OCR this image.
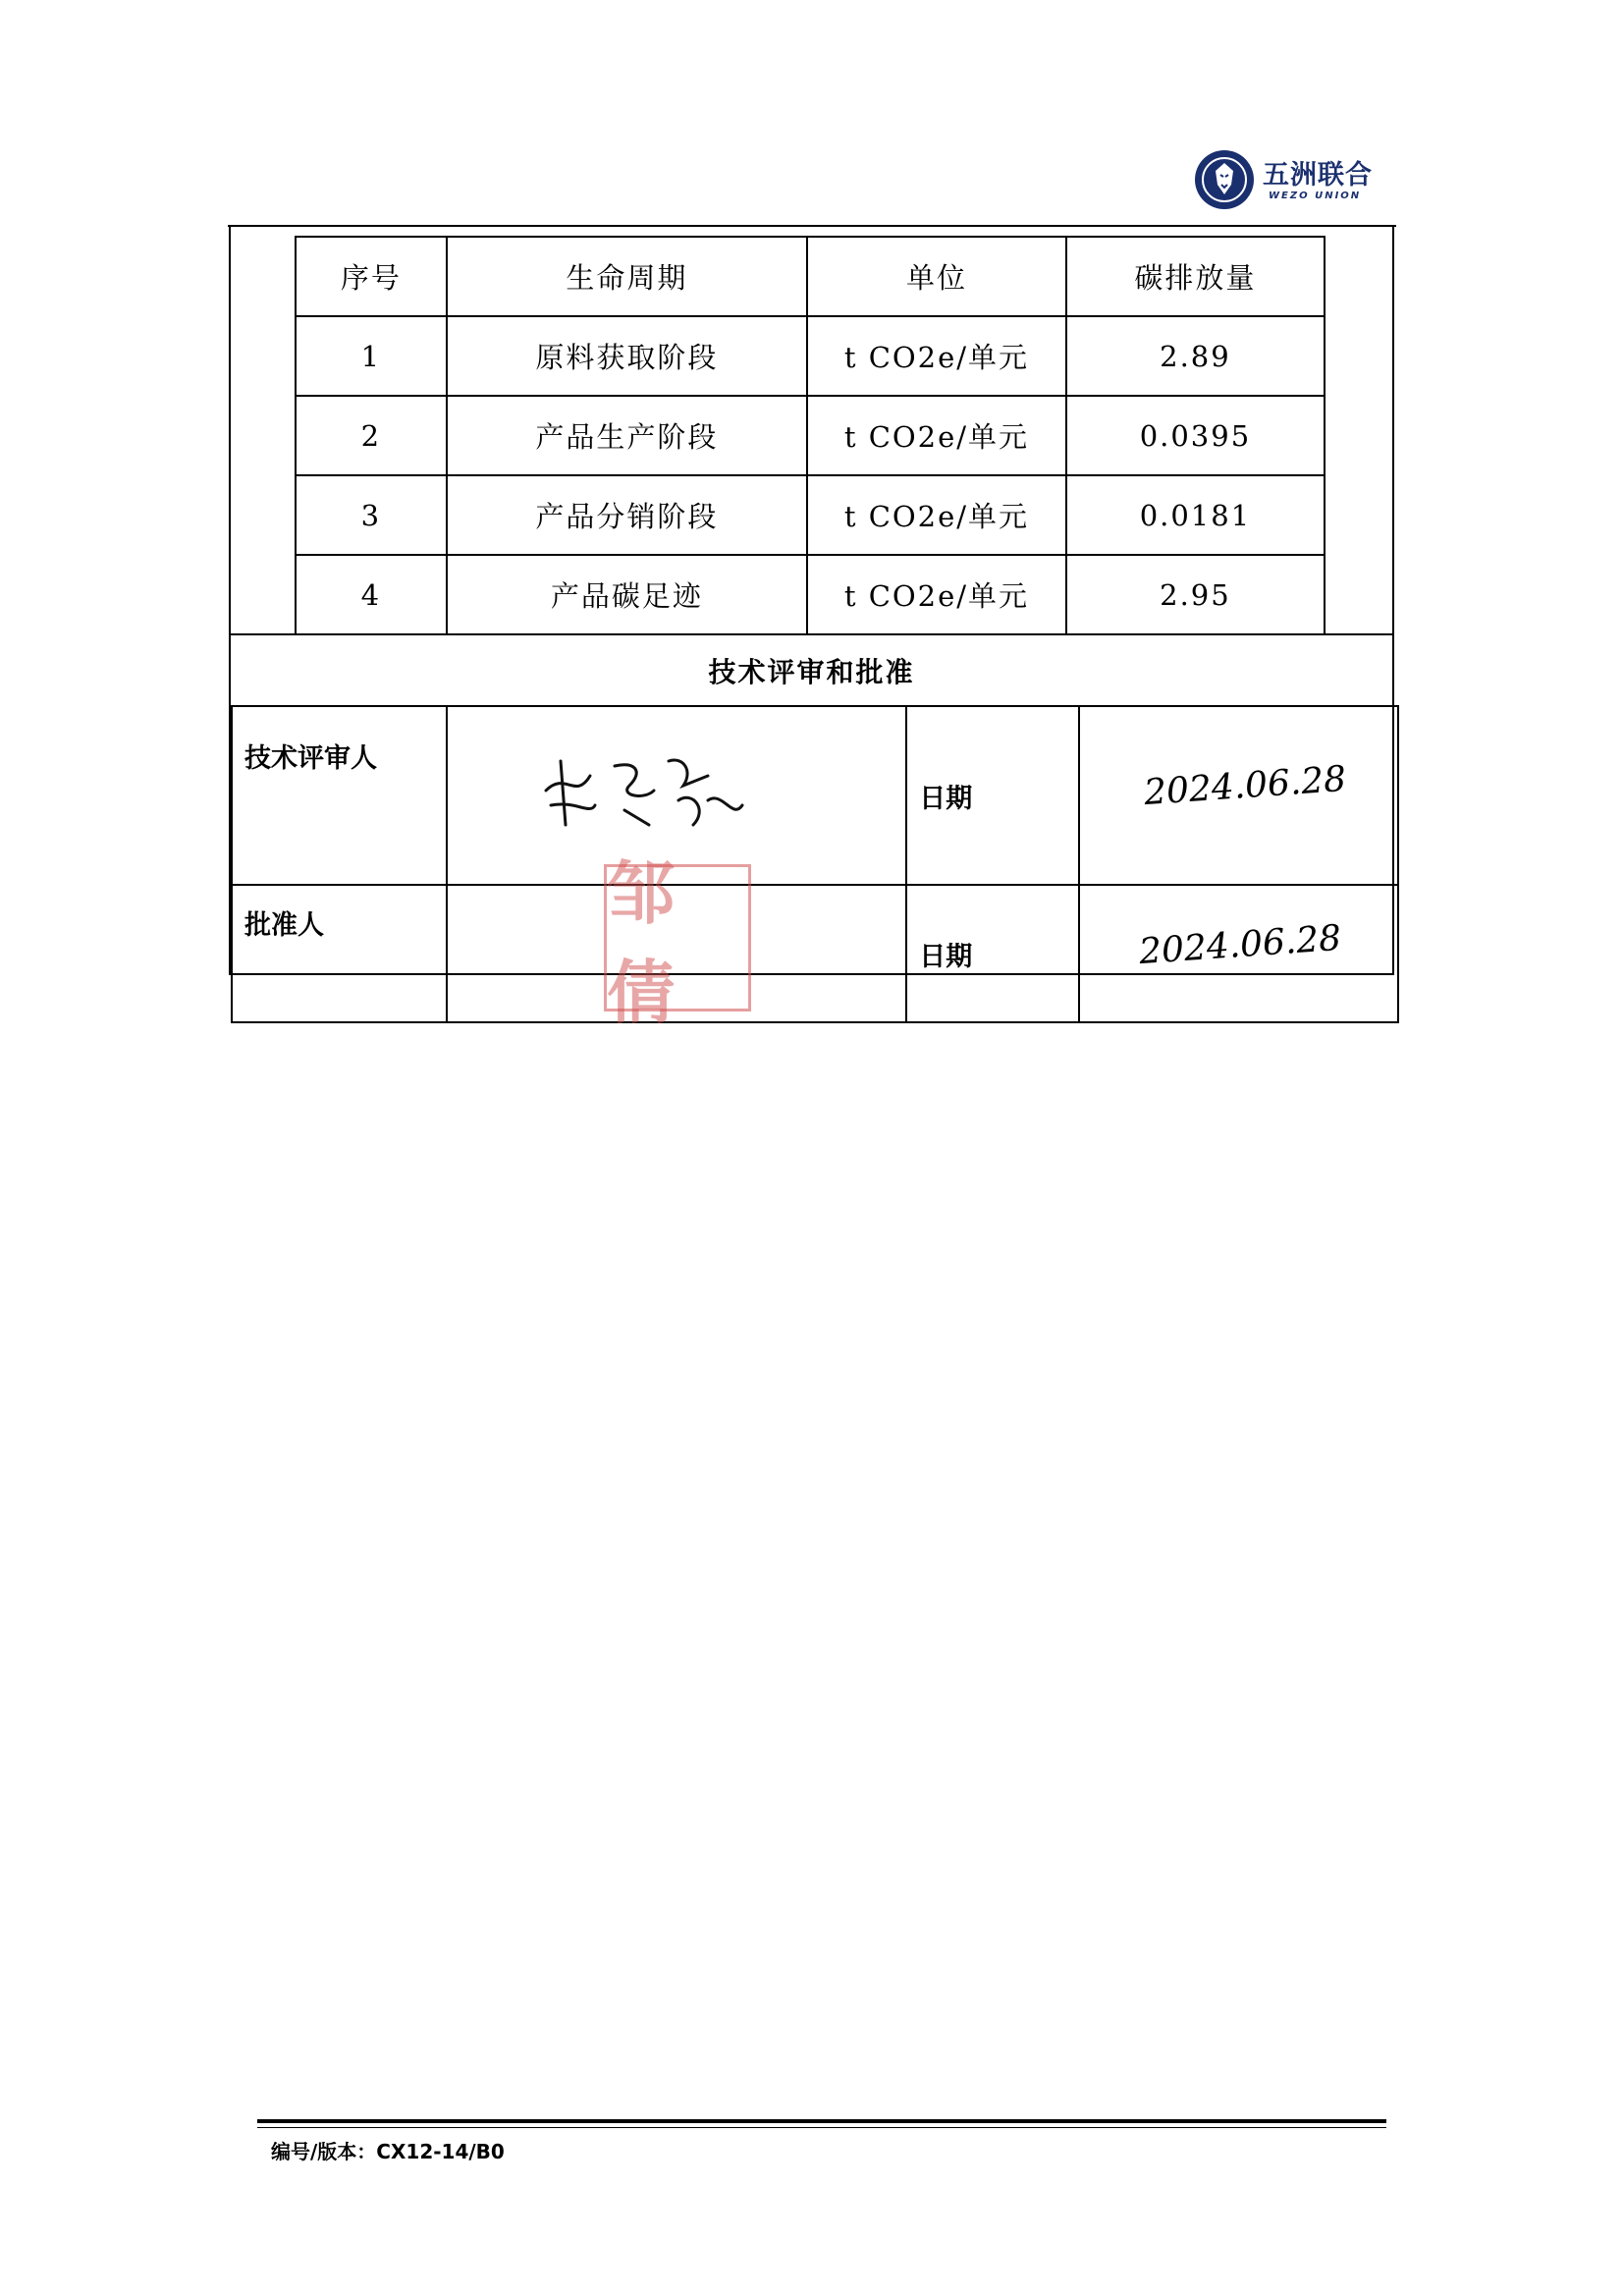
五洲联合
WEZO UNION
序号	生命周期	单位	碳排放量
1	原料获取阶段	t CO2e/单元	2.89
2	产品生产阶段	t CO2e/单元	0.0395
3	产品分销阶段	t CO2e/单元	0.0181
4	产品碳足迹	t CO2e/单元	2.95
技术评审和批准
技术评审人		日期	2024.06.28

批准人		日期	2024.06.28
邹倩
编号/版本：CX12-14/B0
